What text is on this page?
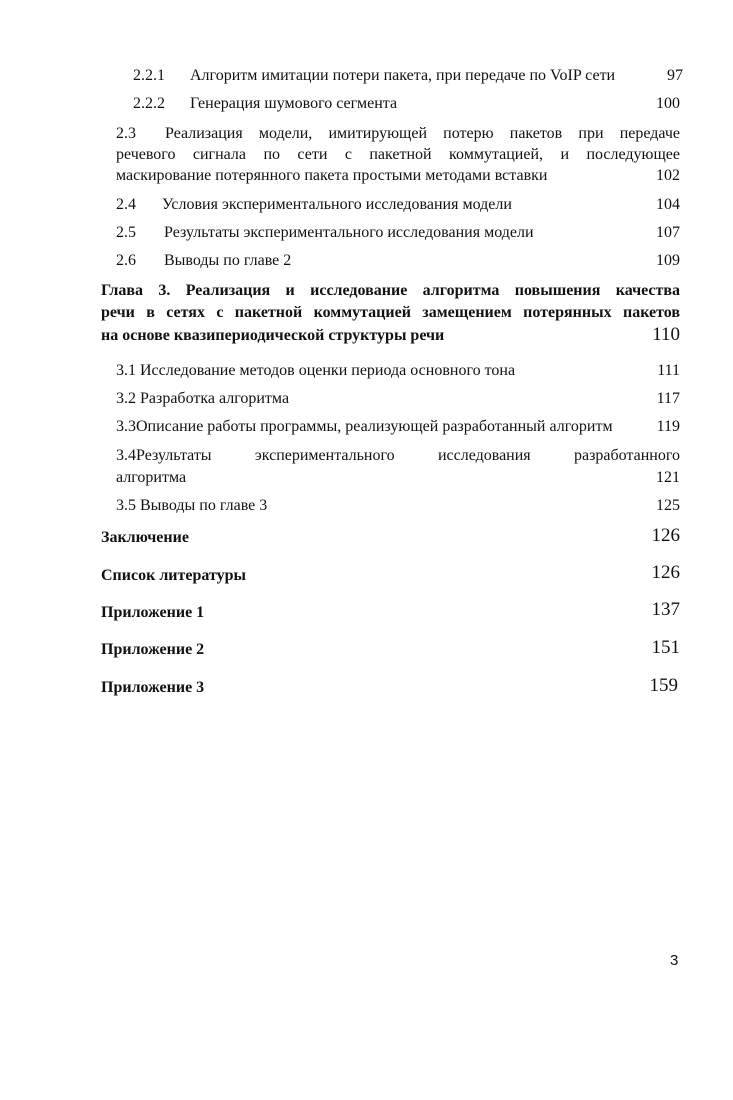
2.2.1 Алгоритм имитации потери пакета, при передаче по VoIP сети	97
2.2.2 Генерация шумового сегмента	100
2.3 Реализация модели, имитирующей потерю пакетов при передаче
речевого сигнала по сети с пакетной коммутацией, и последующее
маскирование потерянного пакета простыми методами вставки	102
2.4 Условия экспериментального исследования модели	104
2.5 Результаты экспериментального исследования модели	107
2.6 Выводы по главе 2	109
Глава 3. Реализация и исследование алгоритма повышения качества
речи в сетях с пакетной коммутацией замещением потерянных пакетов
на основе квазипериодической структуры речи	110
3.1 Исследование методов оценки периода основного тона	111
3.2 Разработка алгоритма	117
3.3Описание работы программы, реализующей разработанный алгоритм	119
3.4Результаты экспериментального исследования разработанного
алгоритма	121
3.5 Выводы по главе 3	125
Заключение	126
Список литературы	126
Приложение 1	137
Приложение 2	151
Приложение 3	159
3
